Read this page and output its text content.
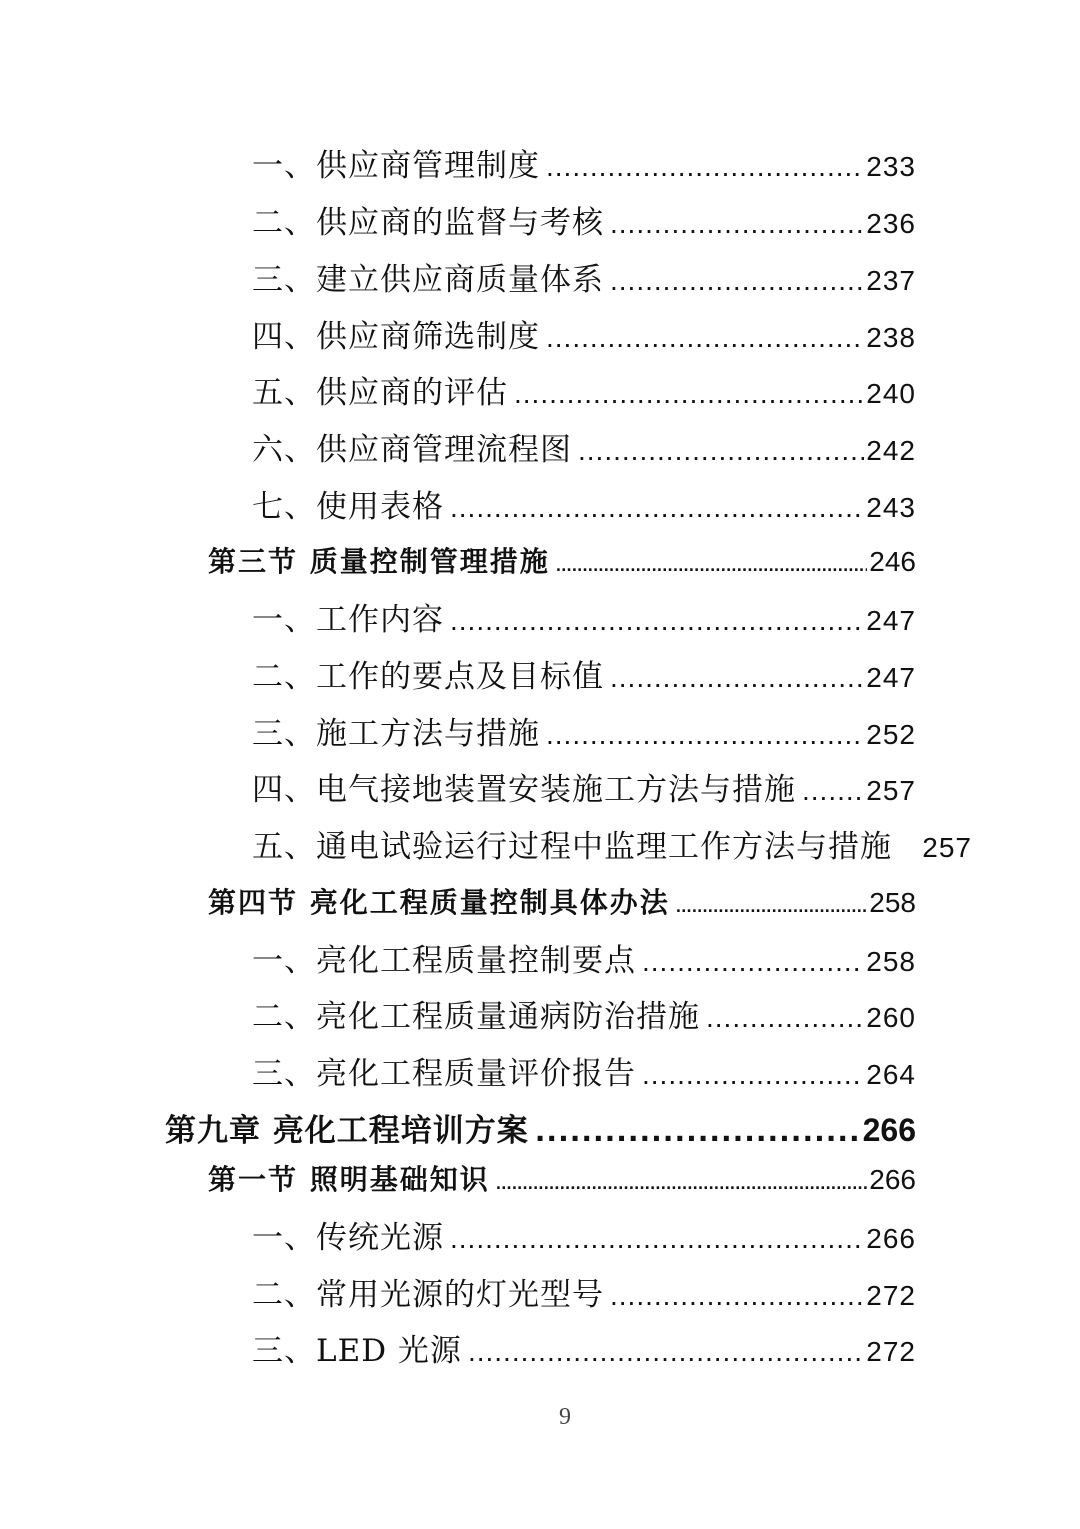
一、供应商管理制度 .....	233
二、供应商的监督与考核 .....	236
三、建立供应商质量体系 .....	237
四、供应商筛选制度 .....	238
五、供应商的评估 .....	240
六、供应商管理流程图 .....	242
七、使用表格 .....	243
第三节 质量控制管理措施 .....	246
一、工作内容 .....	247
二、工作的要点及目标值 .....	247
三、施工方法与措施 .....	252
四、电气接地装置安装施工方法与措施 .....	257
五、通电试验运行过程中监理工作方法与措施	257
第四节 亮化工程质量控制具体办法 .....	258
一、亮化工程质量控制要点 .....	258
二、亮化工程质量通病防治措施 .....	260
三、亮化工程质量评价报告 .....	264
第九章 亮化工程培训方案 .....	266
第一节 照明基础知识 .....	266
一、传统光源 .....	266
二、常用光源的灯光型号 .....	272
三、LED 光源 .....	272
9
